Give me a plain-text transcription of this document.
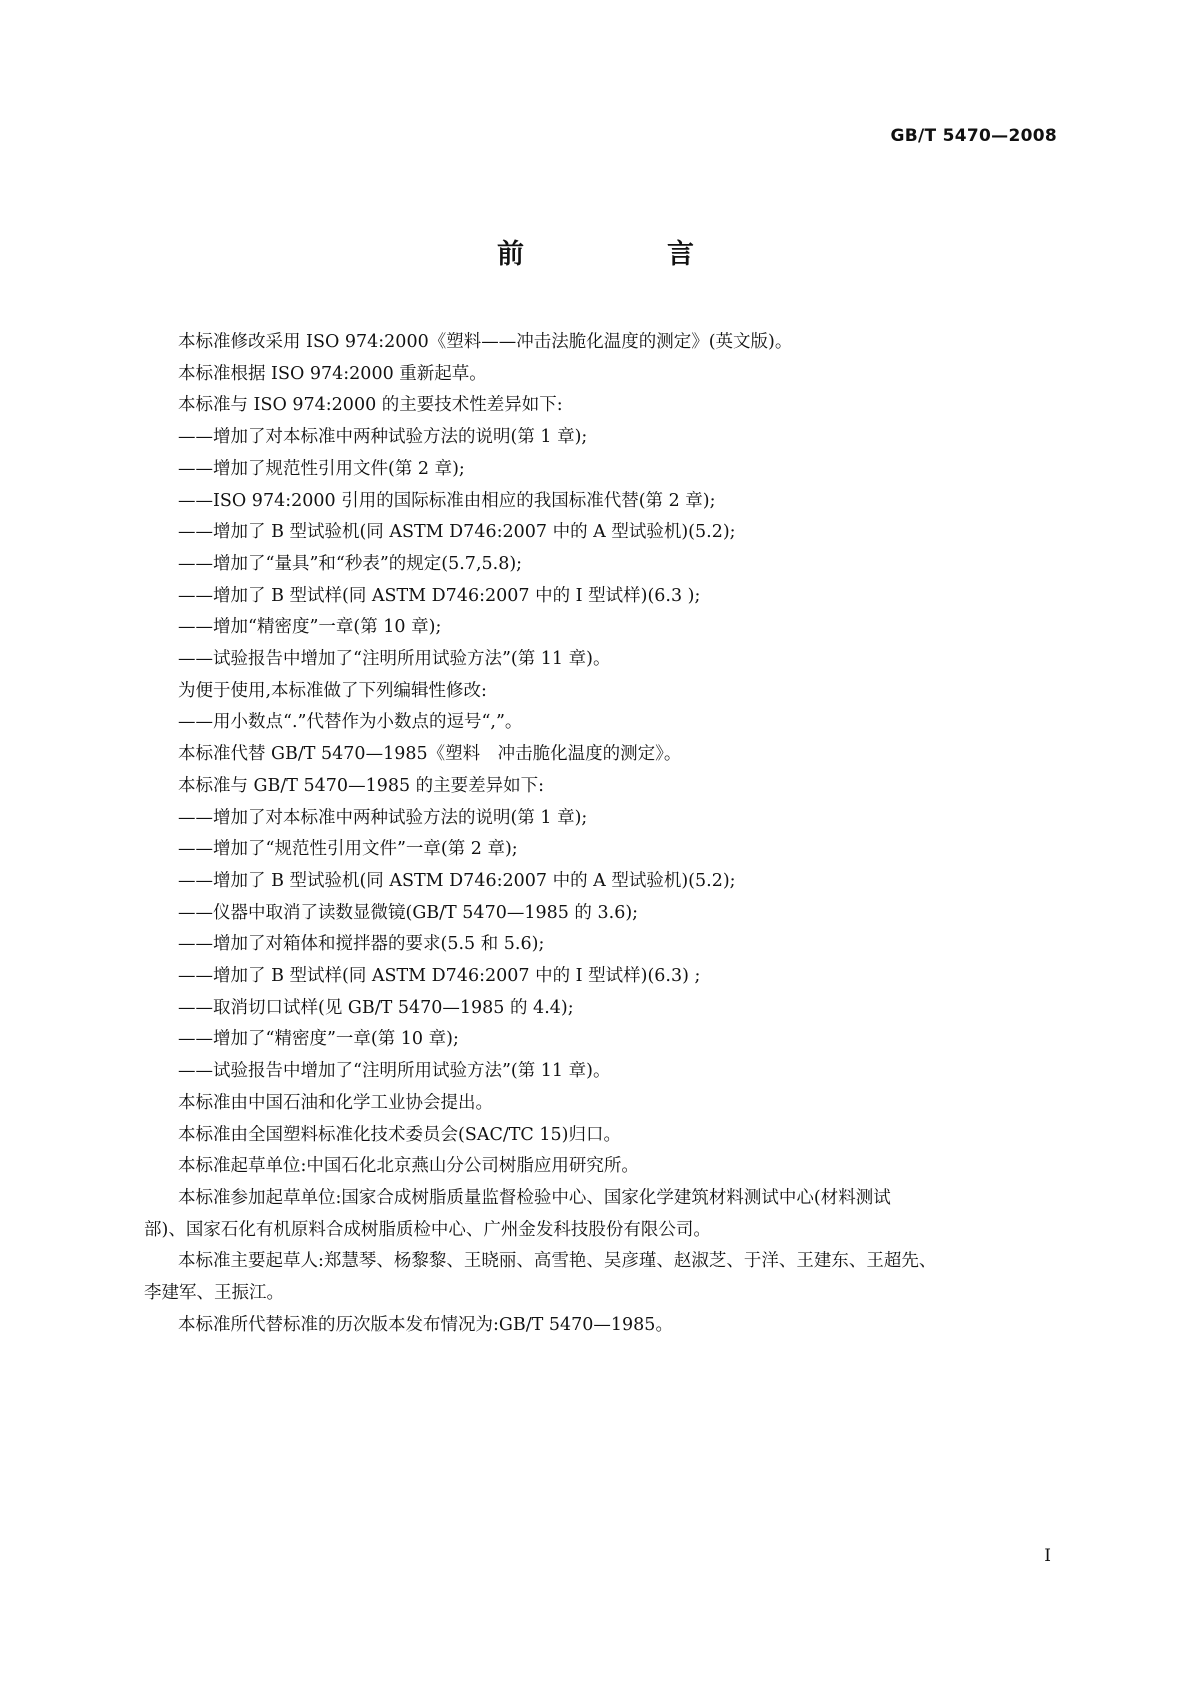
GB/T 5470—2008
前　言

本标准修改采用 ISO 974:2000《塑料——冲击法脆化温度的测定》(英文版)。

本标准根据 ISO 974:2000 重新起草。

本标准与 ISO 974:2000 的主要技术性差异如下:

——增加了对本标准中两种试验方法的说明(第 1 章);

——增加了规范性引用文件(第 2 章);

——ISO 974:2000 引用的国际标准由相应的我国标准代替(第 2 章);

——增加了 B 型试验机(同 ASTM D746:2007 中的 A 型试验机)(5.2);

——增加了“量具”和“秒表”的规定(5.7,5.8);

——增加了 B 型试样(同 ASTM D746:2007 中的 Ⅰ 型试样)(6.3 );

——增加“精密度”一章(第 10 章);

——试验报告中增加了“注明所用试验方法”(第 11 章)。

为便于使用,本标准做了下列编辑性修改:

——用小数点“.”代替作为小数点的逗号“,”。

本标准代替 GB/T 5470—1985《塑料　冲击脆化温度的测定》。

本标准与 GB/T 5470—1985 的主要差异如下:

——增加了对本标准中两种试验方法的说明(第 1 章);

——增加了“规范性引用文件”一章(第 2 章);

——增加了 B 型试验机(同 ASTM D746:2007 中的 A 型试验机)(5.2);

——仪器中取消了读数显微镜(GB/T 5470—1985 的 3.6);

——增加了对箱体和搅拌器的要求(5.5 和 5.6);

——增加了 B 型试样(同 ASTM D746:2007 中的 Ⅰ 型试样)(6.3) ;

——取消切口试样(见 GB/T 5470—1985 的 4.4);

——增加了“精密度”一章(第 10 章);

——试验报告中增加了“注明所用试验方法”(第 11 章)。

本标准由中国石油和化学工业协会提出。

本标准由全国塑料标准化技术委员会(SAC/TC 15)归口。

本标准起草单位:中国石化北京燕山分公司树脂应用研究所。

本标准参加起草单位:国家合成树脂质量监督检验中心、国家化学建筑材料测试中心(材料测试
部)、国家石化有机原料合成树脂质检中心、广州金发科技股份有限公司。
本标准主要起草人:郑慧琴、杨黎黎、王晓丽、高雪艳、吴彦瑾、赵淑芝、于洋、王建东、王超先、
李建军、王振江。

本标准所代替标准的历次版本发布情况为:GB/T 5470—1985。

I
